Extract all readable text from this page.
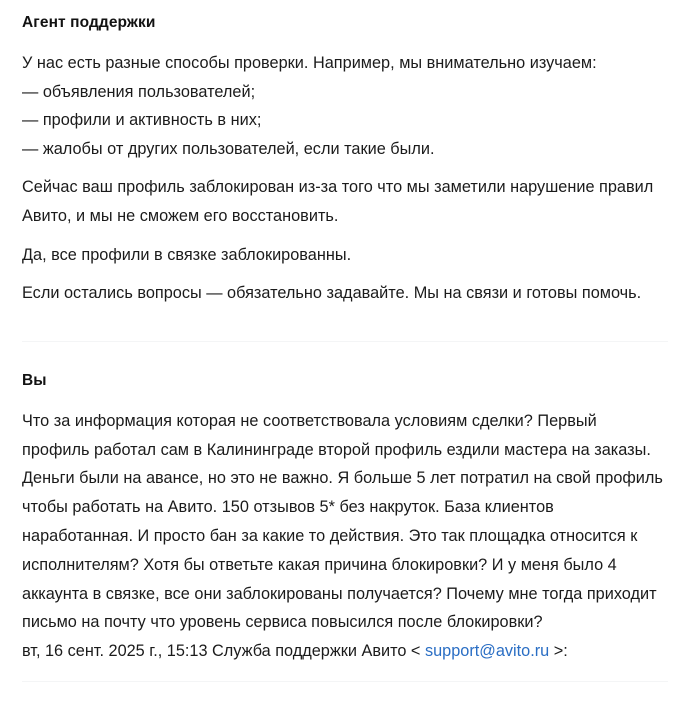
Агент поддержки

У нас есть разные способы проверки. Например, мы внимательно изучаем:

— объявления пользователей;

— профили и активность в них;

— жалобы от других пользователей, если такие были.

Сейчас ваш профиль заблокирован из-за того что мы заметили нарушение правил Авито, и мы не сможем его восстановить.

Да, все профили в связке заблокированны.

Если остались вопросы — обязательно задавайте. Мы на связи и готовы помочь.

Вы

Что за информация которая не соответствовала условиям сделки? Первый профиль работал сам в Калининграде второй профиль ездили мастера на заказы. Деньги были на авансе, но это не важно. Я больше 5 лет потратил на свой профиль чтобы работать на Авито. 150 отзывов 5* без накруток. База клиентов наработанная. И просто бан за какие то действия. Это так площадка относится к исполнителям? Хотя бы ответьте какая причина блокировки? И у меня было 4 аккаунта в связке, все они заблокированы получается? Почему мне тогда приходит письмо на почту что уровень сервиса повысился после блокировки?

вт, 16 сент. 2025 г., 15:13 Служба поддержки Авито < support@avito.ru >:
